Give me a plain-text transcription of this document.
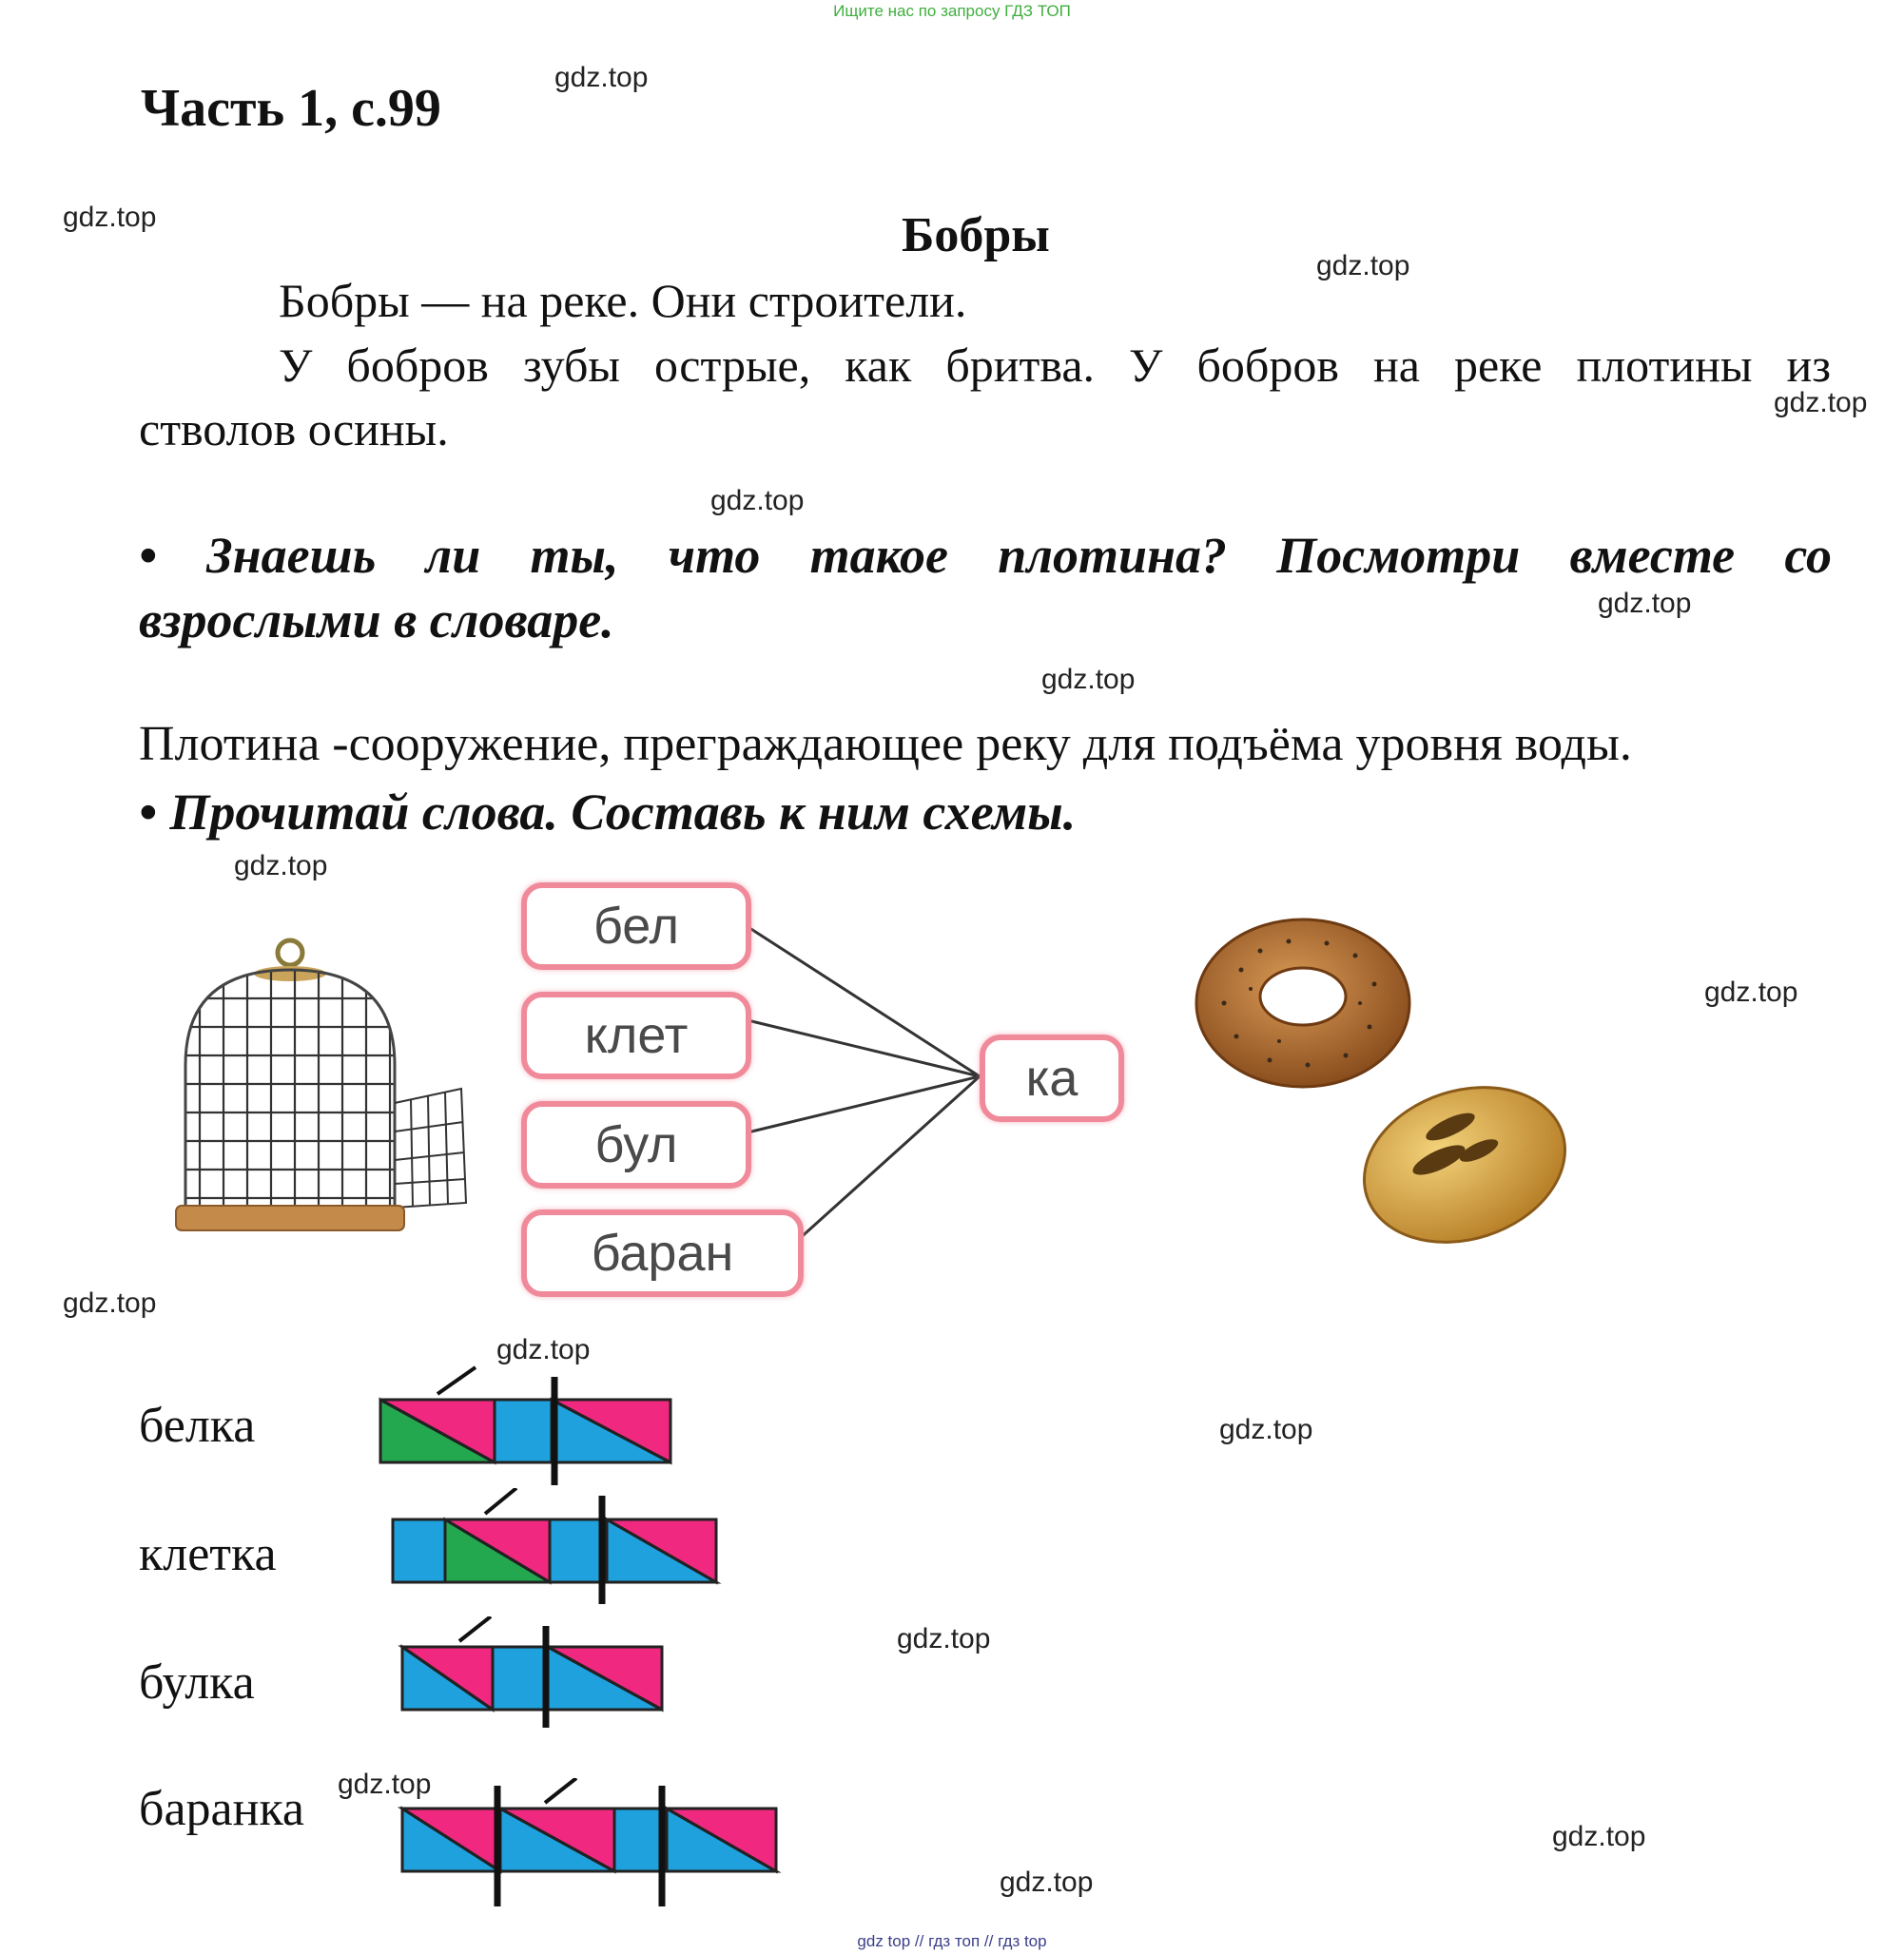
Ищите нас по запросу ГДЗ ТОП
Часть 1, с.99
Бобры
Бобры — на реке. Они строители.
У бобров зубы острые, как бритва. У бобров на реке плотины из
стволов осины.
• Знаешь ли ты, что такое плотина? Посмотри вместе со
взрослыми в словаре.
Плотина -сооружение, преграждающее реку для подъёма уровня воды.
• Прочитай слова. Составь к ним схемы.
бел
клет
бул
баран
ка
белка
клетка
булка
баранка
gdz.top
gdz.top
gdz.top
gdz.top
gdz.top
gdz.top
gdz.top
gdz.top
gdz.top
gdz.top
gdz.top
gdz.top
gdz.top
gdz.top
gdz.top
gdz.top
gdz top // гдз топ // гдз top
